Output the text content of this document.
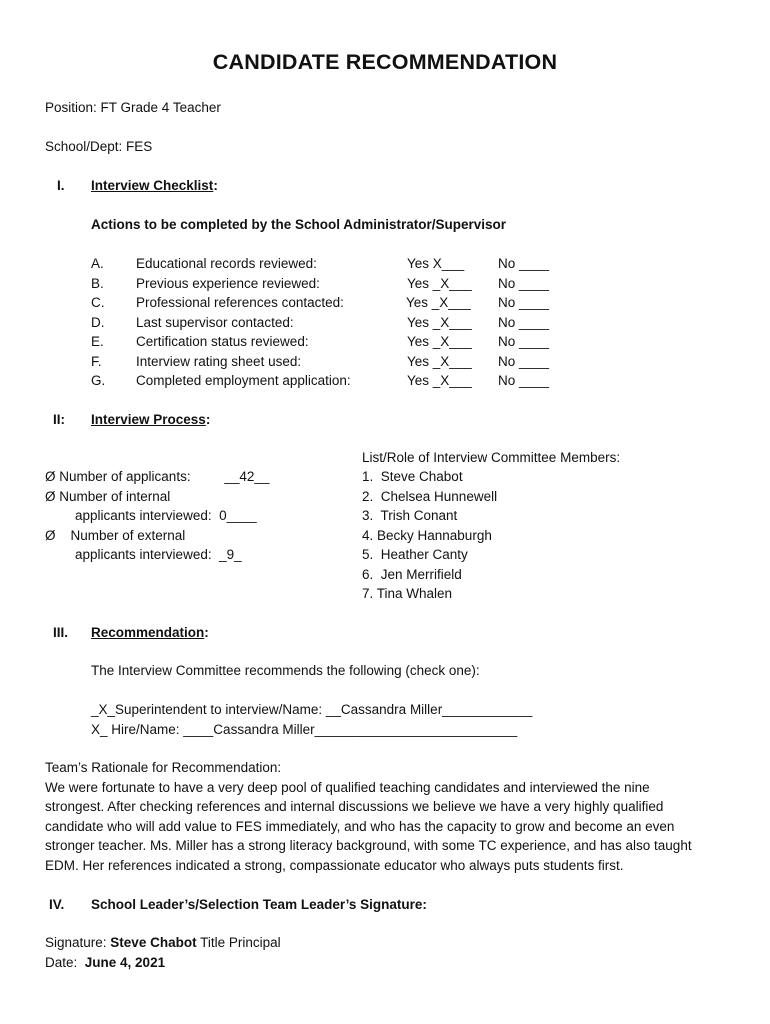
CANDIDATE RECOMMENDATION
Position: FT Grade 4 Teacher
School/Dept: FES
I. Interview Checklist:
Actions to be completed by the School Administrator/Supervisor
A. Educational records reviewed:	Yes X___ No ____
B. Previous experience reviewed:	Yes _X___ No ____
C. Professional references contacted:	Yes _X___ No ____
D. Last supervisor contacted:	Yes _X___ No ____
E. Certification status reviewed:	Yes _X___ No ____
F.	Interview rating sheet used:	Yes _X___ No ____
G. Completed employment application:	Yes _X___ No ____
II: Interview Process:
Ø Number of applicants:         __42__
Ø Number of internal
applicants interviewed:  0____
Ø    Number of external
applicants interviewed:  _9_
List/Role of Interview Committee Members:
1.  Steve Chabot
2.  Chelsea Hunnewell
3.  Trish Conant
4. Becky Hannaburgh
5.  Heather Canty
6.  Jen Merrifield
7. Tina Whalen
III. Recommendation:
The Interview Committee recommends the following (check one):
_X_Superintendent to interview/Name: __Cassandra Miller____________
X_ Hire/Name: ____Cassandra Miller___________________________
Team’s Rationale for Recommendation:
We were fortunate to have a very deep pool of qualified teaching candidates and interviewed the nine
strongest. After checking references and internal discussions we believe we have a very highly qualified
candidate who will add value to FES immediately, and who has the capacity to grow and become an even
stronger teacher. Ms. Miller has a strong literacy background, with some TC experience, and has also taught
EDM. Her references indicated a strong, compassionate educator who always puts students first.
IV. School Leader’s/Selection Team Leader’s Signature:
Signature: Steve Chabot Title Principal
Date:  June 4, 2021
